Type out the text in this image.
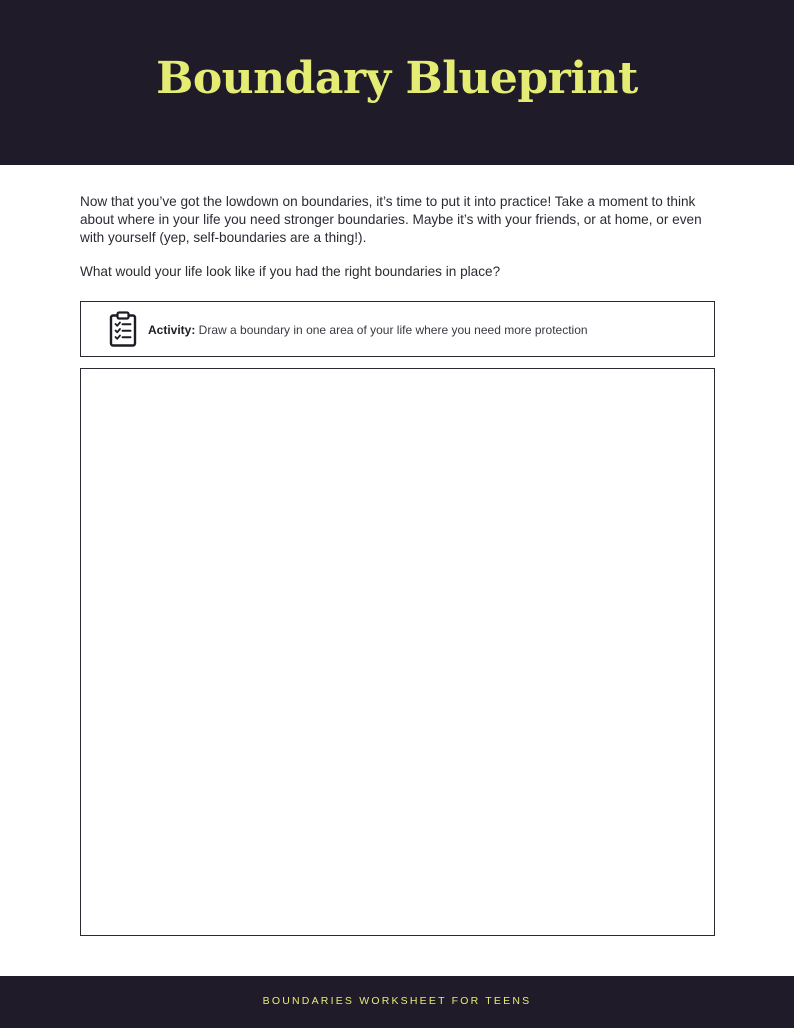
Boundary Blueprint

Now that you’ve got the lowdown on boundaries, it’s time to put it into practice! Take a moment to think about where in your life you need stronger boundaries. Maybe it’s with your friends, or at home, or even with yourself (yep, self-boundaries are a thing!).

What would your life look like if you had the right boundaries in place?

Activity: Draw a boundary in one area of your life where you need more protection
BOUNDARIES WORKSHEET FOR TEENS
